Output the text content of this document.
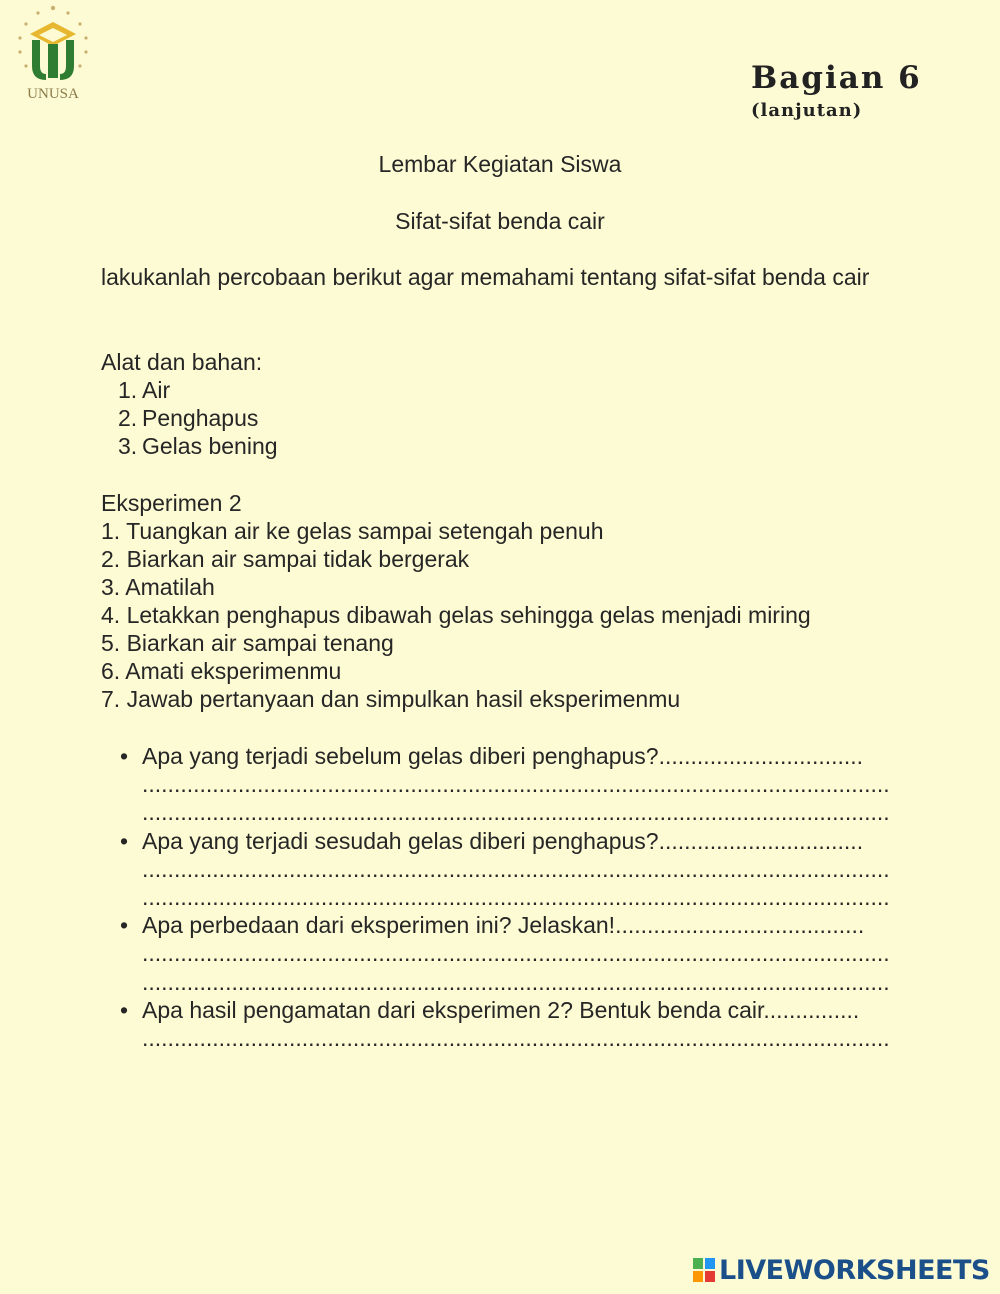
UNUSA	Bagian 6
(lanjutan)
Lembar Kegiatan Siswa
Sifat-sifat benda cair
lakukanlah percobaan berikut agar memahami tentang sifat-sifat benda cair
Alat dan bahan:
1. Air
2. Penghapus
3. Gelas bening
Eksperimen 2
1. Tuangkan air ke gelas sampai setengah penuh
2. Biarkan air sampai tidak bergerak
3. Amatilah
4. Letakkan penghapus dibawah gelas sehingga gelas menjadi miring
5. Biarkan air sampai tenang
6. Amati eksperimenmu
7. Jawab pertanyaan dan simpulkan hasil eksperimenmu
• Apa yang terjadi sebelum gelas diberi penghapus?................................
.....................................................................................................................
.....................................................................................................................
• Apa yang terjadi sesudah gelas diberi penghapus?................................
.....................................................................................................................
.....................................................................................................................
• Apa perbedaan dari eksperimen ini? Jelaskan!.......................................
.....................................................................................................................
.....................................................................................................................
• Apa hasil pengamatan dari eksperimen 2? Bentuk benda cair...............
.....................................................................................................................
LIVEWORKSHEETS
